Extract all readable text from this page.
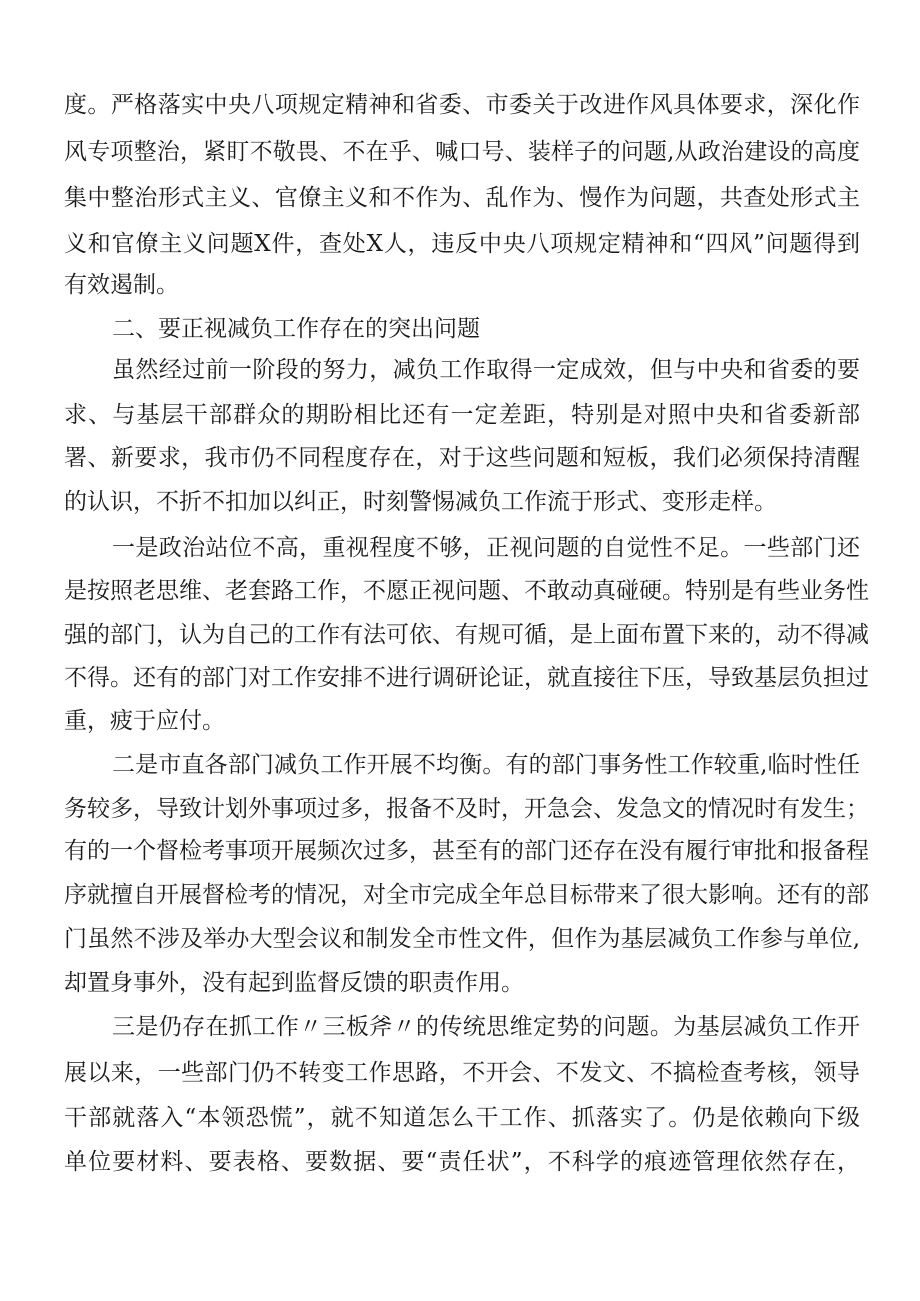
度。严格落实中央八项规定精神和省委、市委关于改进作风具体要求，深化作
风专项整治，紧盯不敬畏、不在乎、喊口号、装样子的问题,从政治建设的高度
集中整治形式主义、官僚主义和不作为、乱作为、慢作为问题，共查处形式主
义和官僚主义问题X件，查处X人，违反中央八项规定精神和“四风”问题得到
有效遏制。
二、要正视减负工作存在的突出问题
虽然经过前一阶段的努力，减负工作取得一定成效，但与中央和省委的要
求、与基层干部群众的期盼相比还有一定差距，特别是对照中央和省委新部
署、新要求，我市仍不同程度存在，对于这些问题和短板，我们必须保持清醒
的认识，不折不扣加以纠正，时刻警惕减负工作流于形式、变形走样。
一是政治站位不高，重视程度不够，正视问题的自觉性不足。一些部门还
是按照老思维、老套路工作，不愿正视问题、不敢动真碰硬。特别是有些业务性
强的部门，认为自己的工作有法可依、有规可循，是上面布置下来的，动不得减
不得。还有的部门对工作安排不进行调研论证，就直接往下压，导致基层负担过
重，疲于应付。
二是市直各部门减负工作开展不均衡。有的部门事务性工作较重,临时性任
务较多，导致计划外事项过多，报备不及时，开急会、发急文的情况时有发生；
有的一个督检考事项开展频次过多，甚至有的部门还存在没有履行审批和报备程
序就擅自开展督检考的情况，对全市完成全年总目标带来了很大影响。还有的部
门虽然不涉及举办大型会议和制发全市性文件，但作为基层减负工作参与单位,
却置身事外，没有起到监督反馈的职责作用。
三是仍存在抓工作〃三板斧〃的传统思维定势的问题。为基层减负工作开
展以来，一些部门仍不转变工作思路，不开会、不发文、不搞检查考核，领导
干部就落入“本领恐慌”，就不知道怎么干工作、抓落实了。仍是依赖向下级
单位要材料、要表格、要数据、要“责任状”，不科学的痕迹管理依然存在，
